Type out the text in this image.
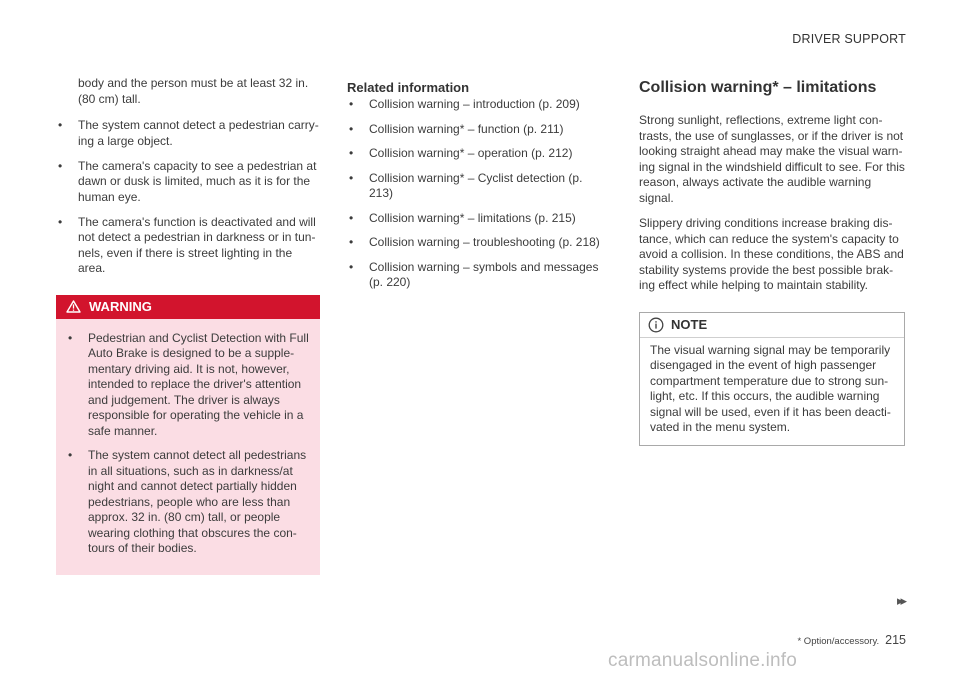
DRIVER SUPPORT

body and the person must be at least 32 in. (80 cm) tall.

• The system cannot detect a pedestrian carry-ing a large object.
• The camera's capacity to see a pedestrian at dawn or dusk is limited, much as it is for the human eye.
• The camera's function is deactivated and will not detect a pedestrian in darkness or in tun-nels, even if there is street lighting in the area.
WARNING
• Pedestrian and Cyclist Detection with Full Auto Brake is designed to be a supple-mentary driving aid. It is not, however, intended to replace the driver's attention and judgement. The driver is always responsible for operating the vehicle in a safe manner.
• The system cannot detect all pedestrians in all situations, such as in darkness/at night and cannot detect partially hidden pedestrians, people who are less than approx. 32 in. (80 cm) tall, or people wearing clothing that obscures the con-tours of their bodies.
Related information
• Collision warning – introduction (p. 209)
• Collision warning* – function (p. 211)
• Collision warning* – operation (p. 212)
• Collision warning* – Cyclist detection (p. 213)
• Collision warning* – limitations (p. 215)
• Collision warning – troubleshooting (p. 218)
• Collision warning – symbols and messages (p. 220)
Collision warning* – limitations

Strong sunlight, reflections, extreme light con-trasts, the use of sunglasses, or if the driver is not looking straight ahead may make the visual warn-ing signal in the windshield difficult to see. For this reason, always activate the audible warning signal.

Slippery driving conditions increase braking dis-tance, which can reduce the system's capacity to avoid a collision. In these conditions, the ABS and stability systems provide the best possible brak-ing effect while helping to maintain stability.

NOTE
The visual warning signal may be temporarily disengaged in the event of high passenger compartment temperature due to strong sun-light, etc. If this occurs, the audible warning signal will be used, even if it has been deacti-vated in the menu system.
▸▸
* Option/accessory. 215
carmanualsonline.info
